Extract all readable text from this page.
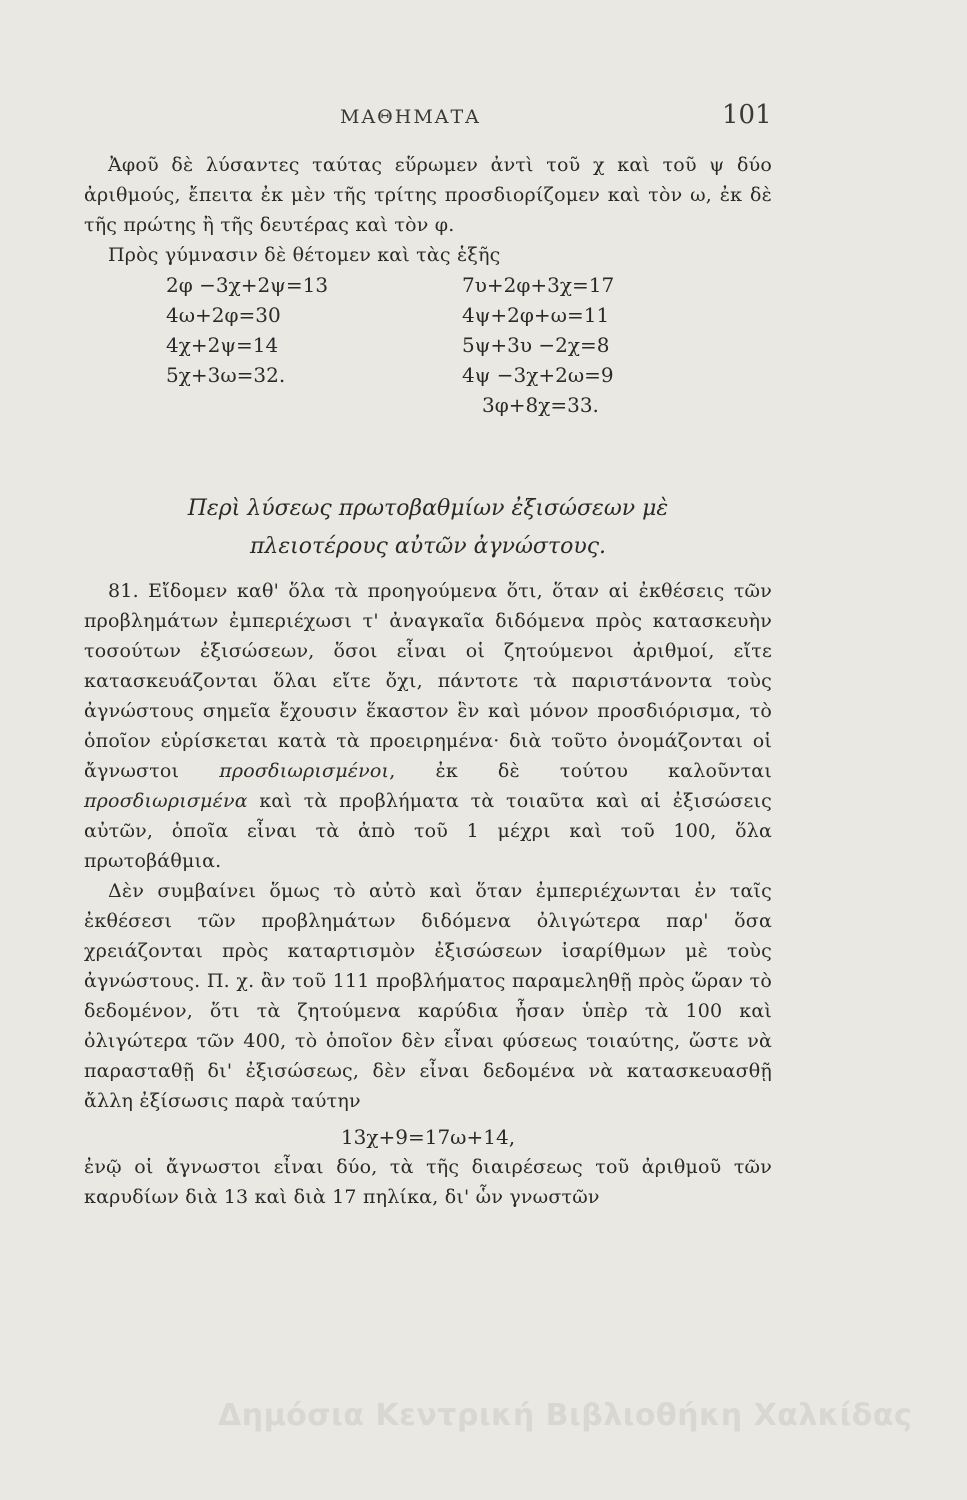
ΜΑΘΗΜΑΤΑ	101

Ἀφοῦ δὲ λύσαντες ταύτας εὕρωμεν ἀντὶ τοῦ χ καὶ τοῦ ψ δύο ἀριθμούς, ἔπειτα ἐκ μὲν τῆς τρίτης προσδιορίζομεν καὶ τὸν ω, ἐκ δὲ τῆς πρώτης ἢ τῆς δευτέρας καὶ τὸν φ.

Πρὸς γύμνασιν δὲ θέτομεν καὶ τὰς ἑξῆς

2φ −3χ+2ψ=13
4ω+2φ=30
4χ+2ψ=14
5χ+3ω=32.
7υ+2φ+3χ=17
4ψ+2φ+ω=11
5ψ+3υ −2χ=8
4ψ −3χ+2ω=9
3φ+8χ=33.
Περὶ λύσεως πρωτοβαθμίων ἐξισώσεων μὲ
πλειοτέρους αὐτῶν ἀγνώστους.

81. Εἴδομεν καθ' ὅλα τὰ προηγούμενα ὅτι, ὅταν αἱ ἐκθέσεις τῶν προβλημάτων ἐμπεριέχωσι τ' ἀναγκαῖα διδόμενα πρὸς κατασκευὴν τοσούτων ἐξισώσεων, ὅσοι εἶναι οἱ ζητούμενοι ἀριθμοί, εἴτε κατασκευάζονται ὅλαι εἴτε ὄχι, πάντοτε τὰ παριστάνοντα τοὺς ἀγνώστους σημεῖα ἔχουσιν ἕκαστον ἓν καὶ μόνον προσδιόρισμα, τὸ ὁποῖον εὑρίσκεται κατὰ τὰ προειρημένα· διὰ τοῦτο ὀνομάζονται οἱ ἄγνωστοι προσδιωρισμένοι, ἐκ δὲ τούτου καλοῦνται προσδιωρισμένα καὶ τὰ προβλήματα τὰ τοιαῦτα καὶ αἱ ἐξισώσεις αὐτῶν, ὁποῖα εἶναι τὰ ἀπὸ τοῦ 1 μέχρι καὶ τοῦ 100, ὅλα πρωτοβάθμια.

Δὲν συμβαίνει ὅμως τὸ αὐτὸ καὶ ὅταν ἐμπεριέχωνται ἐν ταῖς ἐκθέσεσι τῶν προβλημάτων διδόμενα ὀλιγώτερα παρ' ὅσα χρειάζονται πρὸς καταρτισμὸν ἐξισώσεων ἰσαρίθμων μὲ τοὺς ἀγνώστους. Π. χ. ἂν τοῦ 111 προβλήματος παραμεληθῇ πρὸς ὥραν τὸ δεδομένον, ὅτι τὰ ζητούμενα καρύδια ἦσαν ὑπὲρ τὰ 100 καὶ ὀλιγώτερα τῶν 400, τὸ ὁποῖον δὲν εἶναι φύσεως τοιαύτης, ὥστε νὰ παρασταθῇ δι' ἐξισώσεως, δὲν εἶναι δεδομένα νὰ κατασκευασθῇ ἄλλη ἐξίσωσις παρὰ ταύτην

13χ+9=17ω+14,

ἐνῷ οἱ ἄγνωστοι εἶναι δύο, τὰ τῆς διαιρέσεως τοῦ ἀριθμοῦ τῶν καρυδίων διὰ 13 καὶ διὰ 17 πηλίκα, δι' ὧν γνωστῶν

Δημόσια Κεντρική Βιβλιοθήκη Χαλκίδας
